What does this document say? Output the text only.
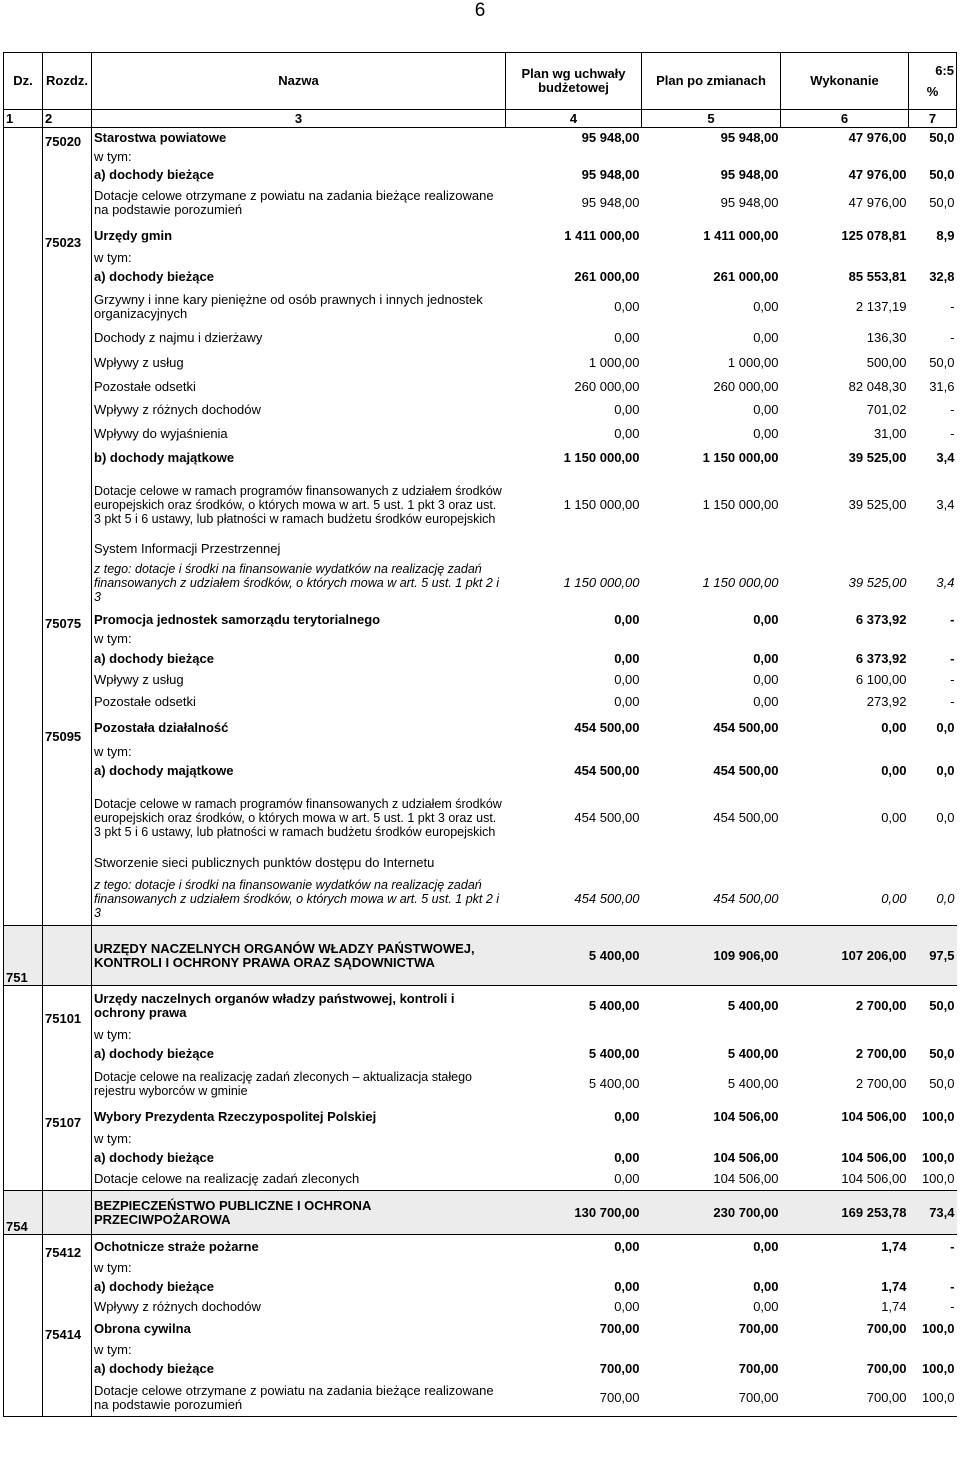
6
Dz.	Rozdz.	Nazwa	Plan wg uchwały budżetowej	Plan po zmianach	Wykonanie	6:5
%

1	2	3	4	5	6	7
	75020	Starostwa powiatowe	95 948,00	95 948,00	47 976,00	50,0
		w tym:				
		a) dochody bieżące	95 948,00	95 948,00	47 976,00	50,0
		Dotacje celowe otrzymane z powiatu na zadania bieżące realizowane na podstawie porozumień	95 948,00	95 948,00	47 976,00	50,0
	75023	Urzędy gmin	1 411 000,00	1 411 000,00	125 078,81	8,9
		w tym:				
		a) dochody bieżące	261 000,00	261 000,00	85 553,81	32,8
		Grzywny i inne kary pieniężne od osób prawnych i innych jednostek organizacyjnych	0,00	0,00	2 137,19	-
		Dochody z najmu i dzierżawy	0,00	0,00	136,30	-
		Wpływy z usług	1 000,00	1 000,00	500,00	50,0
		Pozostałe odsetki	260 000,00	260 000,00	82 048,30	31,6
		Wpływy z różnych dochodów	0,00	0,00	701,02	-
		Wpływy do wyjaśnienia	0,00	0,00	31,00	-
		b) dochody majątkowe	1 150 000,00	1 150 000,00	39 525,00	3,4
		Dotacje celowe w ramach programów finansowanych z udziałem środków europejskich oraz środków, o których mowa w art. 5 ust. 1 pkt 3 oraz ust. 3 pkt 5 i 6 ustawy, lub płatności w ramach budżetu środków europejskich	1 150 000,00	1 150 000,00	39 525,00	3,4
		System Informacji Przestrzennej				
		z tego: dotacje i środki na finansowanie wydatków na realizację zadań finansowanych z udziałem środków, o których mowa w art. 5 ust. 1 pkt 2 i 3	1 150 000,00	1 150 000,00	39 525,00	3,4
	75075	Promocja jednostek samorządu terytorialnego	0,00	0,00	6 373,92	-
		w tym:				
		a) dochody bieżące	0,00	0,00	6 373,92	-
		Wpływy z usług	0,00	0,00	6 100,00	-
		Pozostałe odsetki	0,00	0,00	273,92	-
	75095	Pozostała działalność	454 500,00	454 500,00	0,00	0,0
		w tym:				
		a) dochody majątkowe	454 500,00	454 500,00	0,00	0,0
		Dotacje celowe w ramach programów finansowanych z udziałem środków europejskich oraz środków, o których mowa w art. 5 ust. 1 pkt 3 oraz ust. 3 pkt 5 i 6 ustawy, lub płatności w ramach budżetu środków europejskich	454 500,00	454 500,00	0,00	0,0
		Stworzenie sieci publicznych punktów dostępu do Internetu				
		z tego: dotacje i środki na finansowanie wydatków na realizację zadań finansowanych z udziałem środków, o których mowa w art. 5 ust. 1 pkt 2 i 3	454 500,00	454 500,00	0,00	0,0
751		URZĘDY NACZELNYCH ORGANÓW WŁADZY PAŃSTWOWEJ, KONTROLI I OCHRONY PRAWA ORAZ SĄDOWNICTWA	5 400,00	109 906,00	107 206,00	97,5
	75101	Urzędy naczelnych organów władzy państwowej, kontroli i ochrony prawa	5 400,00	5 400,00	2 700,00	50,0
		w tym:				
		a) dochody bieżące	5 400,00	5 400,00	2 700,00	50,0
		Dotacje celowe na realizację zadań zleconych – aktualizacja stałego rejestru wyborców w gminie	5 400,00	5 400,00	2 700,00	50,0
	75107	Wybory Prezydenta Rzeczypospolitej Polskiej	0,00	104 506,00	104 506,00	100,0
		w tym:				
		a) dochody bieżące	0,00	104 506,00	104 506,00	100,0
		Dotacje celowe na realizację zadań zleconych	0,00	104 506,00	104 506,00	100,0
754		BEZPIECZEŃSTWO PUBLICZNE I OCHRONA PRZECIWPOŻAROWA	130 700,00	230 700,00	169 253,78	73,4
	75412	Ochotnicze straże pożarne	0,00	0,00	1,74	-
		w tym:				
		a) dochody bieżące	0,00	0,00	1,74	-
		Wpływy z różnych dochodów	0,00	0,00	1,74	-
	75414	Obrona cywilna	700,00	700,00	700,00	100,0
		w tym:				
		a) dochody bieżące	700,00	700,00	700,00	100,0
		Dotacje celowe otrzymane z powiatu na zadania bieżące realizowane na podstawie porozumień	700,00	700,00	700,00	100,0
